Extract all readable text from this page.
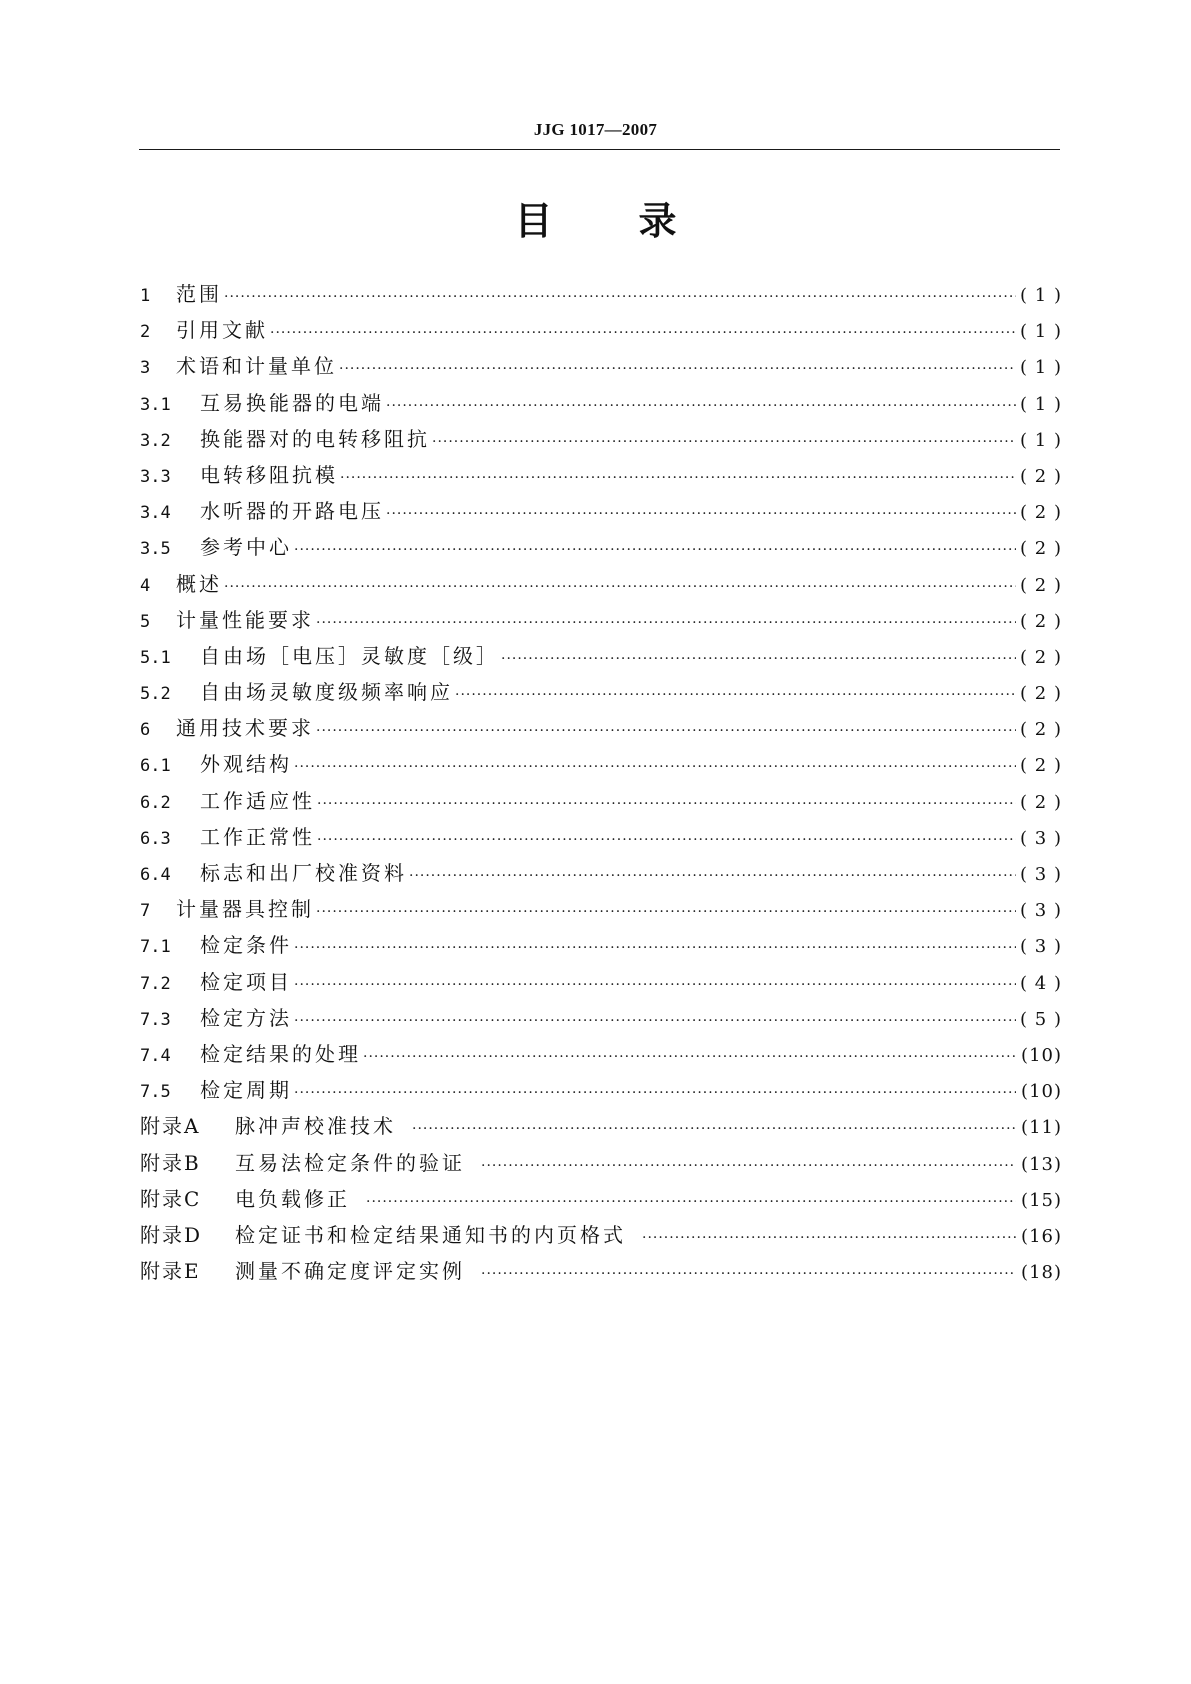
JJG 1017—2007
目 录
1	范围 ·····	( 1 )
2	引用文献 ·····	( 1 )
3	术语和计量单位 ·····	( 1 )
3.1	互易换能器的电端 ·····	( 1 )
3.2	换能器对的电转移阻抗 ·····	( 1 )
3.3	电转移阻抗模 ·····	( 2 )
3.4	水听器的开路电压 ·····	( 2 )
3.5	参考中心 ·····	( 2 )
4	概述 ·····	( 2 )
5	计量性能要求 ·····	( 2 )
5.1	自由场［电压］灵敏度［级］ ·····	( 2 )
5.2	自由场灵敏度级频率响应 ·····	( 2 )
6	通用技术要求 ·····	( 2 )
6.1	外观结构 ·····	( 2 )
6.2	工作适应性 ·····	( 2 )
6.3	工作正常性 ·····	( 3 )
6.4	标志和出厂校准资料 ·····	( 3 )
7	计量器具控制 ·····	( 3 )
7.1	检定条件 ·····	( 3 )
7.2	检定项目 ·····	( 4 )
7.3	检定方法 ·····	( 5 )
7.4	检定结果的处理 ·····	(10)
7.5	检定周期 ·····	(10)
附录A	脉冲声校准技术 ·····	(11)
附录B	互易法检定条件的验证 ·····	(13)
附录C	电负载修正 ·····	(15)
附录D	检定证书和检定结果通知书的内页格式 ·····	(16)
附录E	测量不确定度评定实例 ·····	(18)
